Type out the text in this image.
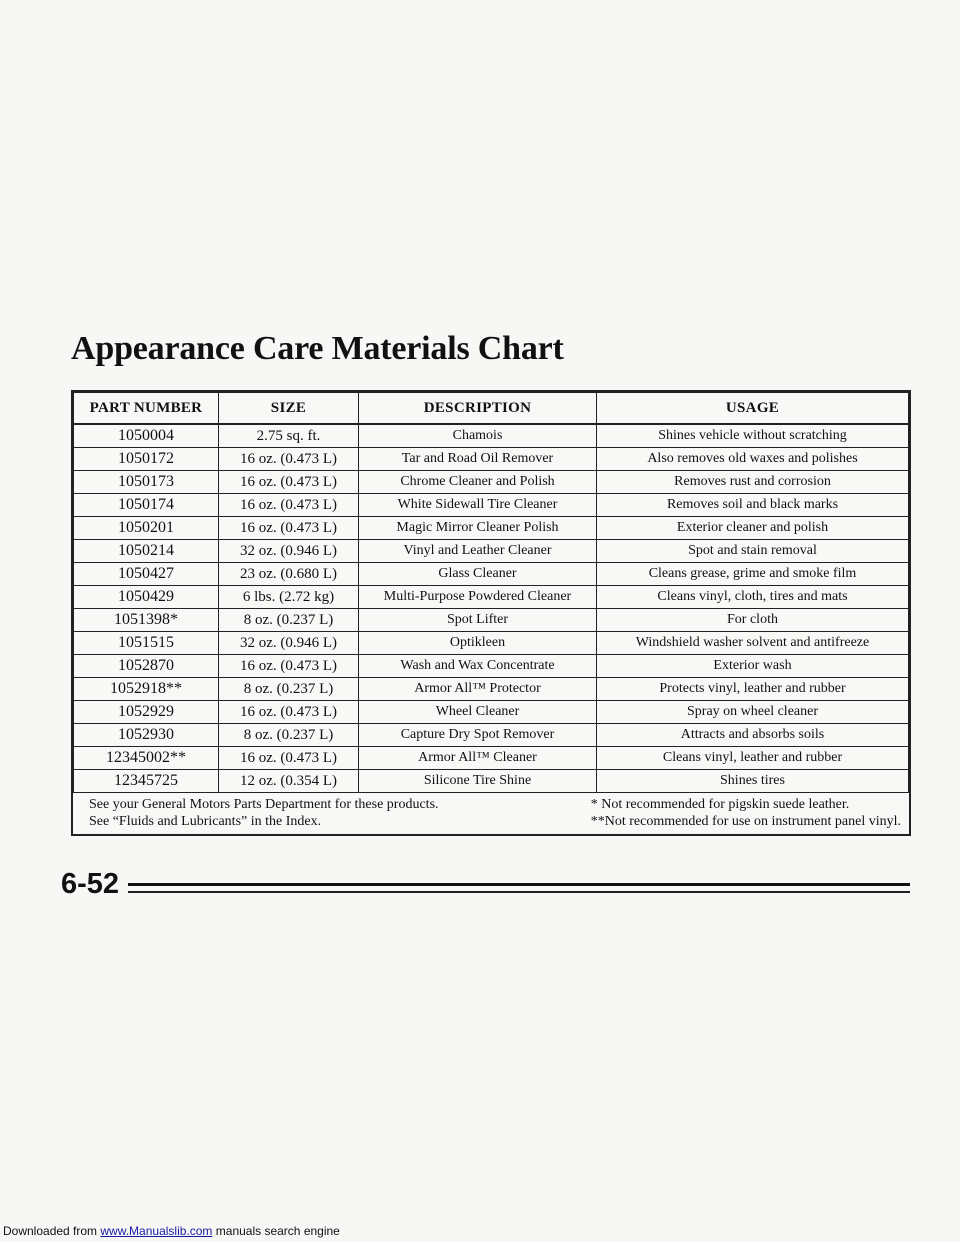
Appearance Care Materials Chart
PART NUMBER	SIZE	DESCRIPTION	USAGE
1050004	2.75 sq. ft.	Chamois	Shines vehicle without scratching
1050172	16 oz. (0.473 L)	Tar and Road Oil Remover	Also removes old waxes and polishes
1050173	16 oz. (0.473 L)	Chrome Cleaner and Polish	Removes rust and corrosion
1050174	16 oz. (0.473 L)	White Sidewall Tire Cleaner	Removes soil and black marks
1050201	16 oz. (0.473 L)	Magic Mirror Cleaner Polish	Exterior cleaner and polish
1050214	32 oz. (0.946 L)	Vinyl and Leather Cleaner	Spot and stain removal
1050427	23 oz. (0.680 L)	Glass Cleaner	Cleans grease, grime and smoke film
1050429	6 lbs. (2.72 kg)	Multi-Purpose Powdered Cleaner	Cleans vinyl, cloth, tires and mats
1051398*	8 oz. (0.237 L)	Spot Lifter	For cloth
1051515	32 oz. (0.946 L)	Optikleen	Windshield washer solvent and antifreeze
1052870	16 oz. (0.473 L)	Wash and Wax Concentrate	Exterior wash
1052918**	8 oz. (0.237 L)	Armor All™ Protector	Protects vinyl, leather and rubber
1052929	16 oz. (0.473 L)	Wheel Cleaner	Spray on wheel cleaner
1052930	8 oz. (0.237 L)	Capture Dry Spot Remover	Attracts and absorbs soils
12345002**	16 oz. (0.473 L)	Armor All™ Cleaner	Cleans vinyl, leather and rubber
12345725	12 oz. (0.354 L)	Silicone Tire Shine	Shines tires
See your General Motors Parts Department for these products.
See “Fluids and Lubricants” in the Index.
* Not recommended for pigskin suede leather.
**Not recommended for use on instrument panel vinyl.
6-52
Downloaded from www.Manualslib.com manuals search engine
